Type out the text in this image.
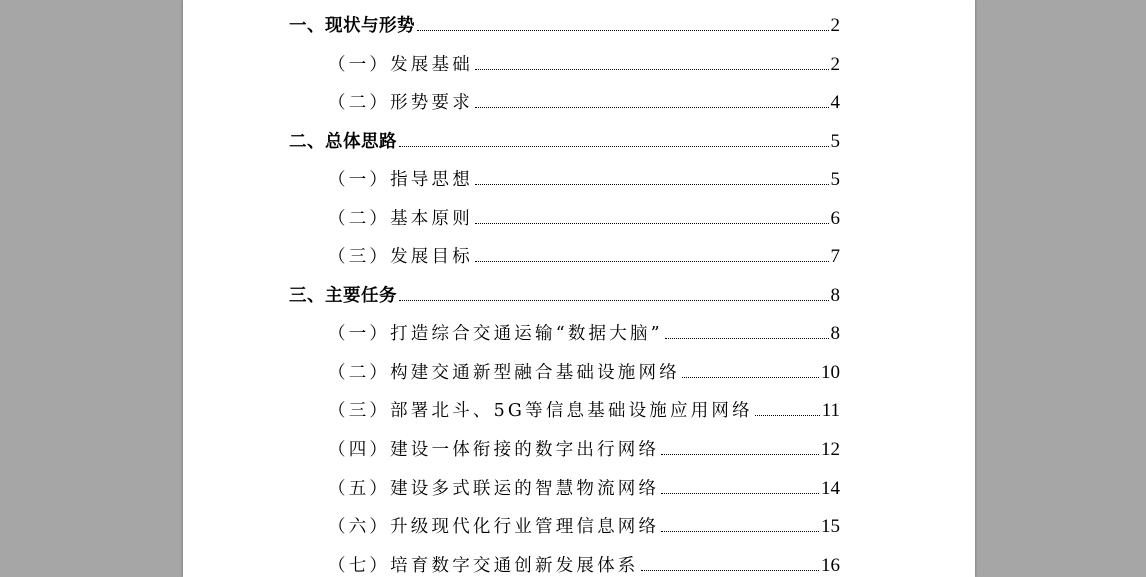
一、现状与形势	2
（一）发展基础	2
（二）形势要求	4
二、总体思路	5
（一）指导思想	5
（二）基本原则	6
（三）发展目标	7
三、主要任务	8
（一）打造综合交通运输“数据大脑”	8
（二）构建交通新型融合基础设施网络	10
（三）部署北斗、5G等信息基础设施应用网络	11
（四）建设一体衔接的数字出行网络	12
（五）建设多式联运的智慧物流网络	14
（六）升级现代化行业管理信息网络	15
（七）培育数字交通创新发展体系	16
